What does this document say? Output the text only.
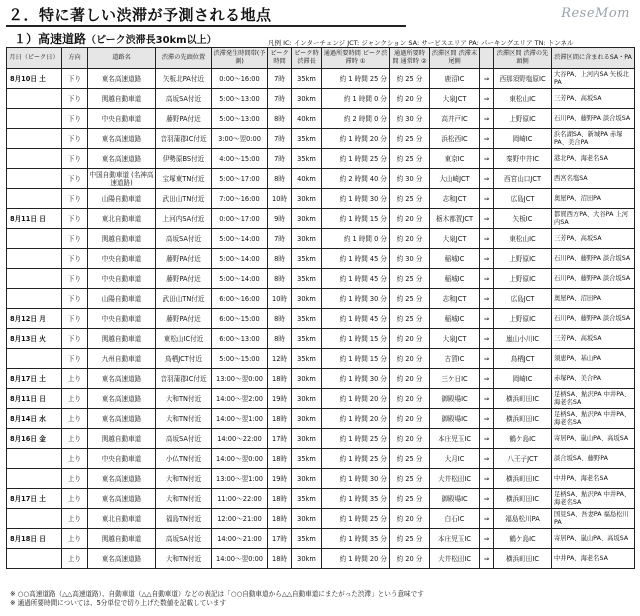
２．特に著しい渋滞が予測される地点	ReseMom
１）高速道路（ピーク渋滞長30km以上）	凡例 IC: インターチェンジ JCT: ジャンクション SA: サービスエリア PA: パーキングエリア TN: トンネル
月日（ピーク日）	方向	道路名	渋滞の先頭位置	渋滞発生時間帯(予測)	ピーク時間	ピーク時渋滞長	通過所要時間 ピーク渋滞時 ①	通過所要時間 通常時 ②	渋滞区間 渋滞末尾側		渋滞区間 渋滞の先頭側	渋滞区間に含まれるSA・PA
8月10日 土	下り	東名高速道路	矢板北PA付近	0:00～16:00	7時	35km	約 1 時間 25 分	約 25 分	鹿沼IC	⇒	西那須野塩原IC	大谷PA、上河内SA 矢板北PA
	下り	関越自動車道	高坂SA付近	5:00～13:00	7時	30km	約 1 時間 0 分	約 20 分	大泉JCT	⇒	東松山IC	三芳PA、高坂SA
	下り	中央自動車道	藤野PA付近	5:00～13:00	8時	40km	約 2 時間 0 分	約 30 分	高井戸IC	⇒	上野原IC	石川PA、藤野PA 談合坂SA
	下り	東名高速道路	音羽蒲郡IC付近	3:00～翌0:00	7時	35km	約 1 時間 20 分	約 25 分	浜松西IC	⇒	岡崎IC	浜名湖SA、新城PA 赤塚PA、美合PA
	下り	東名高速道路	伊勢原BS付近	4:00～15:00	7時	35km	約 1 時間 25 分	約 25 分	東京IC	⇒	秦野中井IC	港北PA、海老名SA
	下り	中国自動車道 (名神高速道路)	宝塚東TN付近	5:00～17:00	8時	40km	約 2 時間 40 分	約 30 分	大山崎JCT	⇒	西宮山口JCT	西宮名塩SA
	下り	山陽自動車道	武田山TN付近	7:00～16:00	10時	30km	約 1 時間 30 分	約 25 分	志和JCT	⇒	広島JCT	奥屋PA、沼田PA
8月11日 日	下り	東北自動車道	上河内SA付近	0:00～17:00	9時	30km	約 1 時間 15 分	約 20 分	栃木都賀JCT	⇒	矢板IC	都賀西方PA、大谷PA 上河内SA
	下り	関越自動車道	高坂SA付近	5:00～14:00	7時	30km	約 1 時間 0 分	約 20 分	大泉JCT	⇒	東松山IC	三芳PA、高坂SA
	下り	中央自動車道	藤野PA付近	5:00～14:00	8時	35km	約 1 時間 45 分	約 30 分	稲城IC	⇒	上野原IC	石川PA、藤野PA 談合坂SA
	下り	中央自動車道	藤野PA付近	5:00～14:00	8時	35km	約 1 時間 45 分	約 25 分	稲城IC	⇒	上野原IC	石川PA、藤野PA 談合坂SA
	下り	山陽自動車道	武田山TN付近	6:00～16:00	10時	30km	約 1 時間 30 分	約 25 分	志和JCT	⇒	広島JCT	奥屋PA、沼田PA
8月12日 月	下り	中央自動車道	藤野PA付近	6:00～15:00	8時	35km	約 1 時間 45 分	約 25 分	稲城IC	⇒	上野原IC	石川PA、藤野PA 談合坂SA
8月13日 火	下り	関越自動車道	東松山IC付近	6:00～13:00	8時	35km	約 1 時間 15 分	約 20 分	大泉JCT	⇒	嵐山小川IC	三芳PA、高坂SA
	下り	九州自動車道	鳥栖JCT付近	5:00～15:00	12時	35km	約 1 時間 15 分	約 20 分	古賀IC	⇒	鳥栖JCT	須恵PA、基山PA
8月17日 土	上り	東名高速道路	音羽蒲郡IC付近	13:00～翌0:00	18時	30km	約 1 時間 30 分	約 20 分	三ケ日IC	⇒	岡崎IC	赤塚PA、美合PA
8月11日 日	上り	東名高速道路	大和TN付近	14:00～翌2:00	19時	30km	約 1 時間 20 分	約 20 分	御殿場IC	⇒	横浜町田IC	足柄SA、鮎沢PA 中井PA、海老名SA
8月14日 水	上り	東名高速道路	大和TN付近	14:00～翌1:00	18時	30km	約 1 時間 20 分	約 20 分	御殿場IC	⇒	横浜町田IC	足柄SA、鮎沢PA 中井PA、海老名SA
8月16日 金	上り	関越自動車道	高坂SA付近	14:00～22:00	17時	30km	約 1 時間 25 分	約 20 分	本庄児玉IC	⇒	鶴ケ島IC	寄居PA、嵐山PA、高坂SA
	上り	中央自動車道	小仏TN付近	14:00～翌0:00	18時	35km	約 1 時間 25 分	約 25 分	大月IC	⇒	八王子JCT	談合坂SA、藤野PA
	上り	東名高速道路	大和TN付近	13:00～翌1:00	19時	30km	約 1 時間 30 分	約 25 分	大井松田IC	⇒	横浜町田IC	中井PA、海老名SA
8月17日 土	上り	東名高速道路	大和TN付近	11:00～22:00	18時	35km	約 1 時間 35 分	約 25 分	御殿場IC	⇒	横浜町田IC	足柄SA、鮎沢PA 中井PA、海老名SA
	上り	東北自動車道	福島TN付近	12:00～21:00	18時	30km	約 1 時間 25 分	約 20 分	白石IC	⇒	福島松川PA	国見SA、吾妻PA 福島松川PA
8月18日 日	上り	関越自動車道	高坂SA付近	14:00～21:00	17時	35km	約 1 時間 35 分	約 25 分	本庄児玉IC	⇒	鶴ケ島IC	寄居PA、嵐山PA、高坂SA
	上り	東名高速道路	大和TN付近	14:00～翌0:00	18時	30km	約 1 時間 20 分	約 20 分	大井松田IC	⇒	横浜町田IC	中井PA、海老名SA
※ ○○高速道路（△△高速道路）、自動車道（△△自動車道）などの表記は「○○自動車道から△△自動車道にまたがった渋滞」という意味です
※ 通過所要時間については、5分単位で切り上げた数値を記載しています
